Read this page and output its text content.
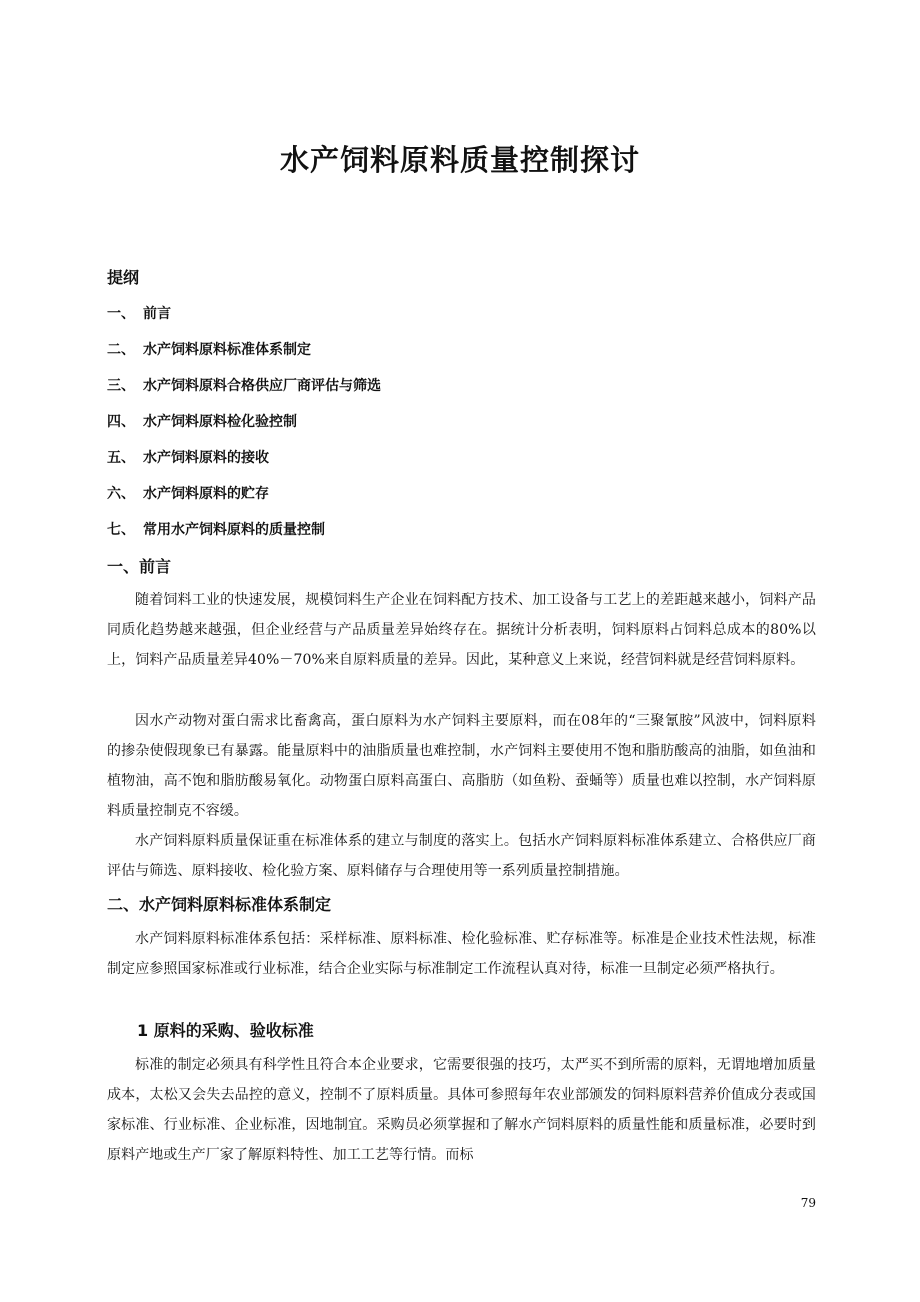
水产饲料原料质量控制探讨
提纲
一、 前言
二、 水产饲料原料标准体系制定
三、 水产饲料原料合格供应厂商评估与筛选
四、 水产饲料原料检化验控制
五、 水产饲料原料的接收
六、 水产饲料原料的贮存
七、 常用水产饲料原料的质量控制
一、前言

随着饲料工业的快速发展，规模饲料生产企业在饲料配方技术、加工设备与工艺上的差距越来越小，饲料产品同质化趋势越来越强，但企业经营与产品质量差异始终存在。据统计分析表明，饲料原料占饲料总成本的80%以上，饲料产品质量差异40%－70%来自原料质量的差异。因此，某种意义上来说，经营饲料就是经营饲料原料。

因水产动物对蛋白需求比畜禽高，蛋白原料为水产饲料主要原料，而在08年的“三聚氰胺”风波中，饲料原料的掺杂使假现象已有暴露。能量原料中的油脂质量也难控制，水产饲料主要使用不饱和脂肪酸高的油脂，如鱼油和植物油，高不饱和脂肪酸易氧化。动物蛋白原料高蛋白、高脂肪（如鱼粉、蚕蛹等）质量也难以控制，水产饲料原料质量控制克不容缓。

水产饲料原料质量保证重在标准体系的建立与制度的落实上。包括水产饲料原料标准体系建立、合格供应厂商评估与筛选、原料接收、检化验方案、原料储存与合理使用等一系列质量控制措施。

二、水产饲料原料标准体系制定

水产饲料原料标准体系包括：采样标准、原料标准、检化验标准、贮存标准等。标准是企业技术性法规，标准制定应参照国家标准或行业标准，结合企业实际与标准制定工作流程认真对待，标准一旦制定必须严格执行。

1 原料的采购、验收标准

标准的制定必须具有科学性且符合本企业要求，它需要很强的技巧，太严买不到所需的原料，无谓地增加质量成本，太松又会失去品控的意义，控制不了原料质量。具体可参照每年农业部颁发的饲料原料营养价值成分表或国家标准、行业标准、企业标准，因地制宜。采购员必须掌握和了解水产饲料原料的质量性能和质量标准，必要时到原料产地或生产厂家了解原料特性、加工工艺等行情。而标

79
